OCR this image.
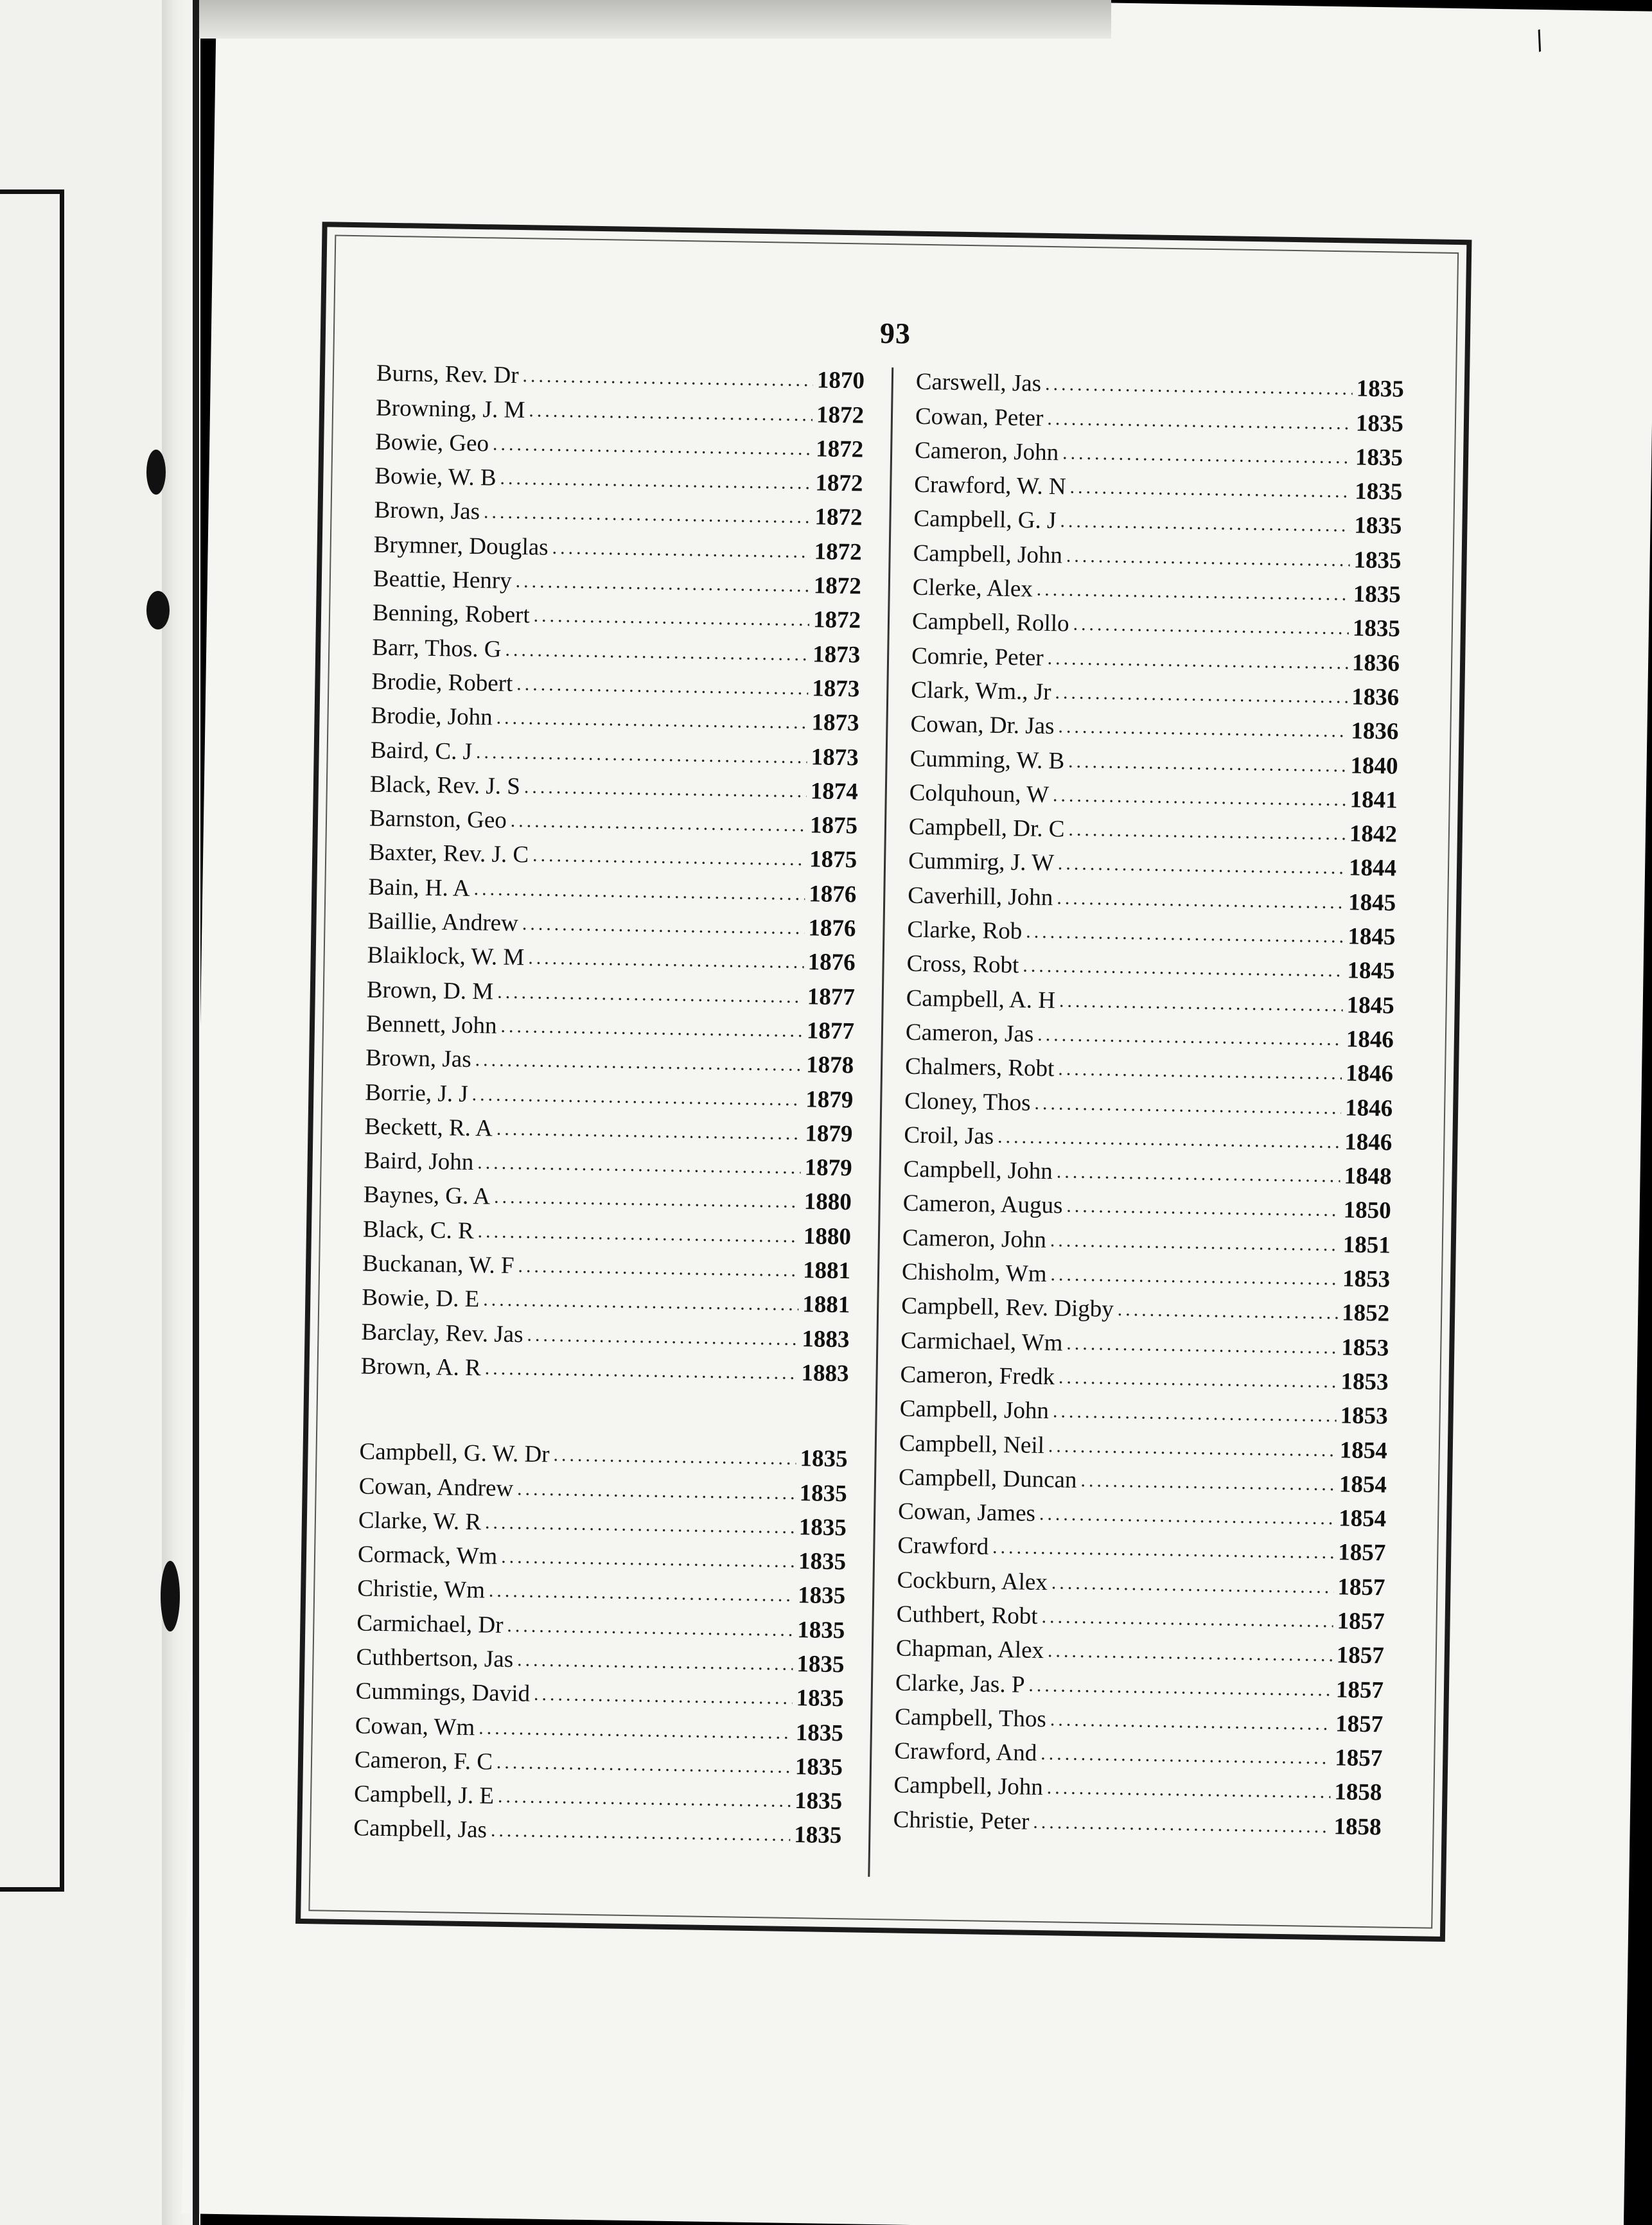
93
Burns, Rev. Dr .....	1870
Browning, J. M .....	1872
Bowie, Geo .....	1872
Bowie, W. B .....	1872
Brown, Jas .....	1872
Brymner, Douglas .....	1872
Beattie, Henry .....	1872
Benning, Robert .....	1872
Barr, Thos. G .....	1873
Brodie, Robert .....	1873
Brodie, John .....	1873
Baird, C. J .....	1873
Black, Rev. J. S .....	1874
Barnston, Geo .....	1875
Baxter, Rev. J. C .....	1875
Bain, H. A .....	1876
Baillie, Andrew .....	1876
Blaiklock, W. M .....	1876
Brown, D. M .....	1877
Bennett, John .....	1877
Brown, Jas .....	1878
Borrie, J. J .....	1879
Beckett, R. A .....	1879
Baird, John .....	1879
Baynes, G. A .....	1880
Black, C. R .....	1880
Buckanan, W. F .....	1881
Bowie, D. E .....	1881
Barclay, Rev. Jas .....	1883
Brown, A. R .....	1883
Campbell, G. W. Dr .....	1835
Cowan, Andrew .....	1835
Clarke, W. R .....	1835
Cormack, Wm .....	1835
Christie, Wm .....	1835
Carmichael, Dr .....	1835
Cuthbertson, Jas .....	1835
Cummings, David .....	1835
Cowan, Wm .....	1835
Cameron, F. C .....	1835
Campbell, J. E .....	1835
Campbell, Jas .....	1835
Carswell, Jas .....	1835
Cowan, Peter .....	1835
Cameron, John .....	1835
Crawford, W. N .....	1835
Campbell, G. J .....	1835
Campbell, John .....	1835
Clerke, Alex .....	1835
Campbell, Rollo .....	1835
Comrie, Peter .....	1836
Clark, Wm., Jr .....	1836
Cowan, Dr. Jas .....	1836
Cumming, W. B .....	1840
Colquhoun, W .....	1841
Campbell, Dr. C .....	1842
Cummirg, J. W .....	1844
Caverhill, John .....	1845
Clarke, Rob .....	1845
Cross, Robt .....	1845
Campbell, A. H .....	1845
Cameron, Jas .....	1846
Chalmers, Robt .....	1846
Cloney, Thos .....	1846
Croil, Jas .....	1846
Campbell, John .....	1848
Cameron, Augus .....	1850
Cameron, John .....	1851
Chisholm, Wm .....	1853
Campbell, Rev. Digby .....	1852
Carmichael, Wm .....	1853
Cameron, Fredk .....	1853
Campbell, John .....	1853
Campbell, Neil .....	1854
Campbell, Duncan .....	1854
Cowan, James .....	1854
Crawford .....	1857
Cockburn, Alex .....	1857
Cuthbert, Robt .....	1857
Chapman, Alex .....	1857
Clarke, Jas. P .....	1857
Campbell, Thos .....	1857
Crawford, And .....	1857
Campbell, John .....	1858
Christie, Peter .....	1858
/
